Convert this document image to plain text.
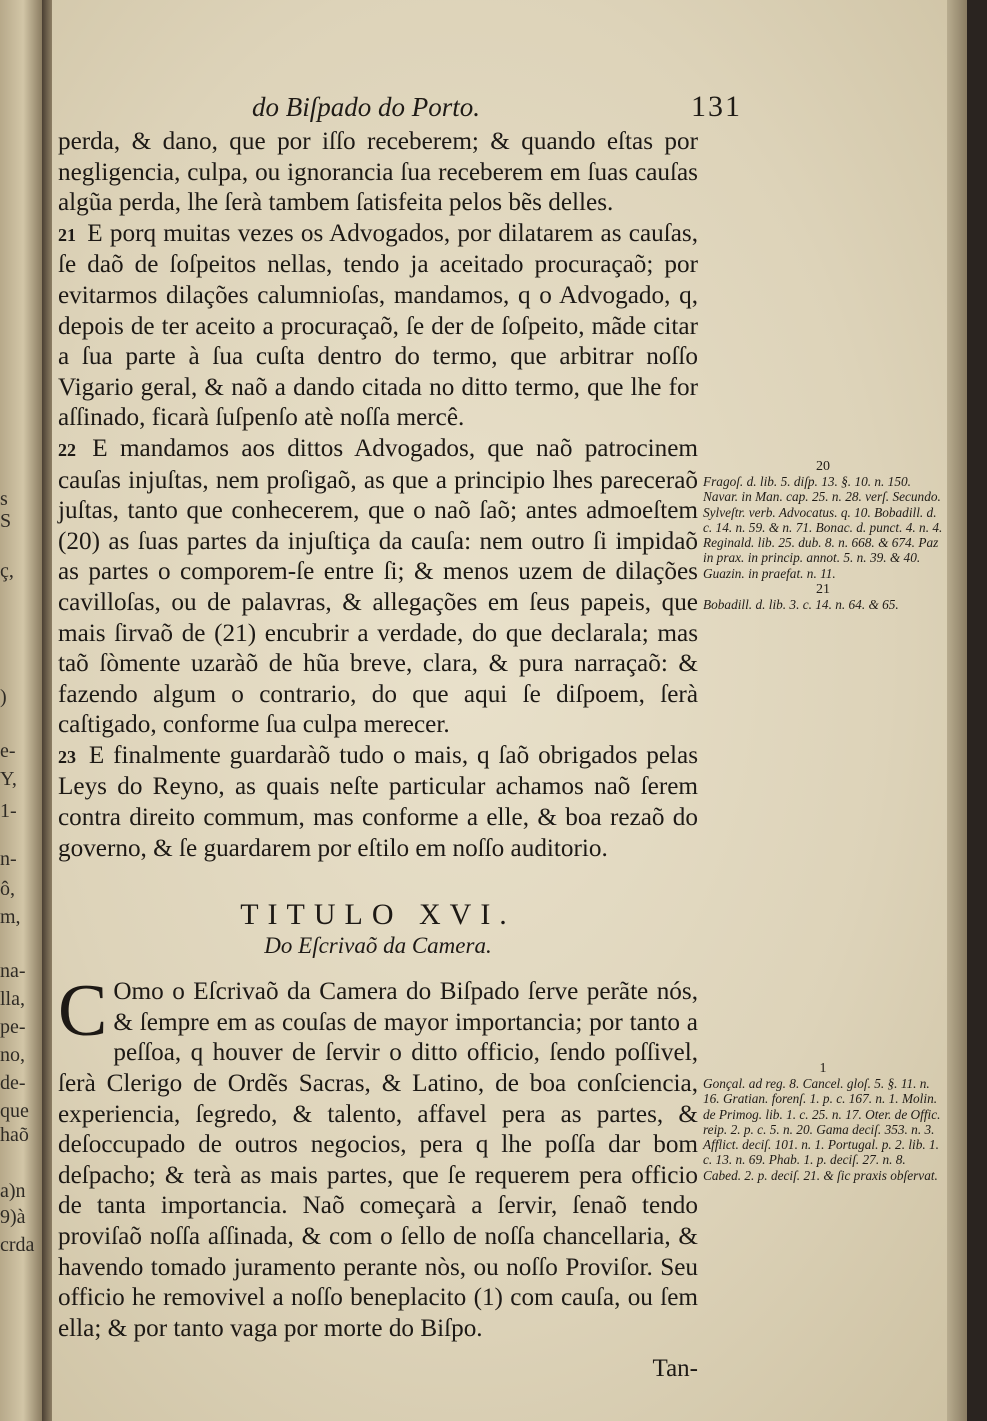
s
S
ç,
)
e-
Y,
1-
n-
ô,
m,
na-
lla,
pe-
no,
de-
que
haõ
a)n
9)à
crda
do Biſpado do Porto.	131

perda, & dano, que por iſſo receberem; & quando eſtas por negligencia, culpa, ou ignorancia ſua receberem em ſuas cauſas algũa perda, lhe ſerà tambem ſatisfeita pelos bẽs delles.

21 E porq muitas vezes os Advogados, por dilatarem as cauſas, ſe daõ de ſoſpeitos nellas, tendo ja aceitado procuraçaõ; por evitarmos dilações calumnioſas, mandamos, q o Advogado, q, depois de ter aceito a procuraçaõ, ſe der de ſoſpeito, mãde citar a ſua parte à ſua cuſta dentro do termo, que arbitrar noſſo Vigario geral, & naõ a dando citada no ditto termo, que lhe for aſſinado, ficarà ſuſpenſo atè noſſa mercê.

22 E mandamos aos dittos Advogados, que naõ patrocinem cauſas injuſtas, nem proſigaõ, as que a principio lhes pareceraõ juſtas, tanto que conhecerem, que o naõ ſaõ; antes admoeſtem (20) as ſuas partes da injuſtiça da cauſa: nem outro ſi impidaõ as partes o comporem-ſe entre ſi; & menos uzem de dilações cavilloſas, ou de palavras, & allegações em ſeus papeis, que mais ſirvaõ de (21) encubrir a verdade, do que declarala; mas taõ ſòmente uzaràõ de hũa breve, clara, & pura narraçaõ: & fazendo algum o contrario, do que aqui ſe diſpoem, ſerà caſtigado, conforme ſua culpa merecer.

23 E finalmente guardaràõ tudo o mais, q ſaõ obrigados pelas Leys do Reyno, as quais neſte particular achamos naõ ſerem contra direito commum, mas conforme a elle, & boa rezaõ do governo, & ſe guardarem por eſtilo em noſſo auditorio.

TITULO XVI.
Do Eſcrivaõ da Camera.

C Omo o Eſcrivaõ da Camera do Biſpado ſerve perãte nós, & ſempre em as couſas de mayor importancia; por tanto a peſſoa, q houver de ſervir o ditto officio, ſendo poſſivel, ſerà Clerigo de Ordẽs Sacras, & Latino, de boa conſciencia, experiencia, ſegredo, & talento, affavel pera as partes, & deſoccupado de outros negocios, pera q lhe poſſa dar bom deſpacho; & terà as mais partes, que ſe requerem pera officio de tanta importancia. Naõ começarà a ſervir, ſenaõ tendo proviſaõ noſſa aſſinada, & com o ſello de noſſa chancellaria, & havendo tomado juramento perante nòs, ou noſſo Proviſor. Seu officio he removivel a noſſo beneplacito (1) com cauſa, ou ſem ella; & por tanto vaga por morte do Biſpo.

Tan-
20

Fragoſ. d. lib. 5. diſp. 13. §. 10. n. 150. Navar. in Man. cap. 25. n. 28. verſ. Secundo. Sylveſtr. verb. Advocatus. q. 10. Bobadill. d. c. 14. n. 59. & n. 71. Bonac. d. punct. 4. n. 4. Reginald. lib. 25. dub. 8. n. 668. & 674. Paz in prax. in princip. annot. 5. n. 39. & 40. Guazin. in praefat. n. 11.

21

Bobadill. d. lib. 3. c. 14. n. 64. & 65.

1

Gonçal. ad reg. 8. Cancel. gloſ. 5. §. 11. n. 16. Gratian. forenſ. 1. p. c. 167. n. 1. Molin. de Primog. lib. 1. c. 25. n. 17. Oter. de Offic. reip. 2. p. c. 5. n. 20. Gama deciſ. 353. n. 3. Afflict. deciſ. 101. n. 1. Portugal. p. 2. lib. 1. c. 13. n. 69. Phab. 1. p. deciſ. 27. n. 8. Cabed. 2. p. deciſ. 21. & ſic praxis obſervat.
